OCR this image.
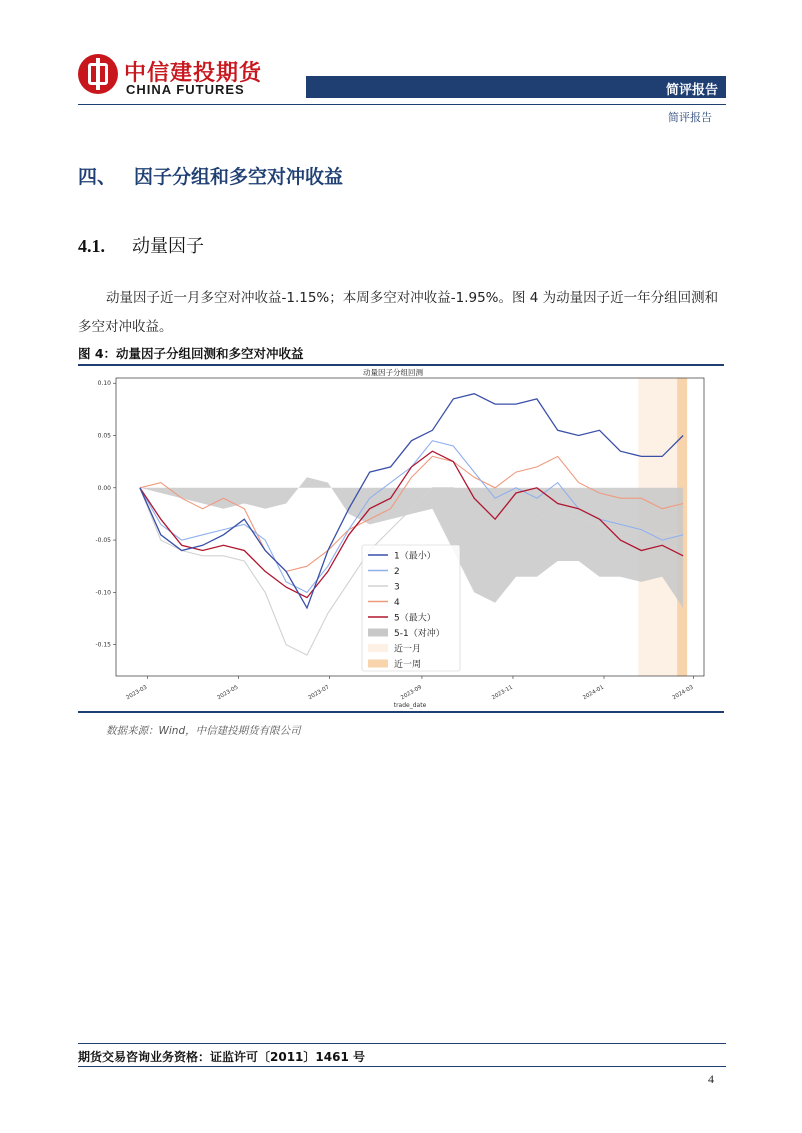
中信建投期货
CHINA FUTURES	简评报告
简评报告
四、 因子分组和多空对冲收益
4.1. 动量因子
动量因子近一月多空对冲收益-1.15%；本周多空对冲收益-1.95%。图 4 为动量因子近一年分组回测和多空对冲收益。
图 4：动量因子分组回测和多空对冲收益
动量因子分组回测
0.10
0.05
0.00
-0.05
-0.10
-0.15
2023-03	2023-05	2023-07	2023-09	2023-11	2024-01	2024-03
trade_date
1（最小）
2
3
4
5（最大）
5-1（对冲）
近一月
近一周
数据来源：Wind，中信建投期货有限公司
期货交易咨询业务资格：证监许可〔2011〕1461 号
4
